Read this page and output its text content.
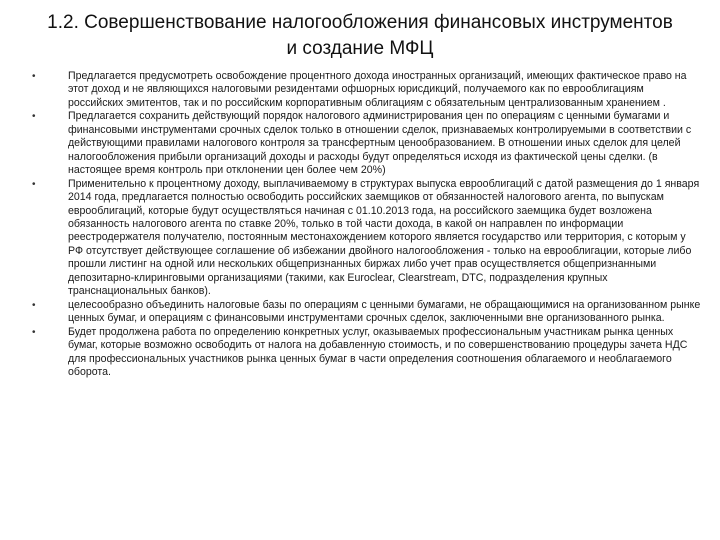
1.2. Совершенствование налогообложения финансовых инструментов и создание МФЦ
•	Предлагается предусмотреть освобождение процентного дохода иностранных организаций, имеющих фактическое право на этот доход и не являющихся налоговыми резидентами офшорных юрисдикций, получаемого как по еврооблигациям российских эмитентов, так и по российским корпоративным облигациям с обязательным централизованным хранением .
•	Предлагается сохранить действующий порядок налогового администрирования цен по операциям с ценными бумагами и финансовыми инструментами срочных сделок только в отношении сделок, признаваемых контролируемыми в соответствии с действующими правилами налогового контроля за трансфертным ценообразованием. В отношении иных сделок для целей налогообложения прибыли организаций доходы и расходы будут определяться исходя из фактической цены сделки. (в настоящее время контроль при отклонении цен более чем 20%)
•	Применительно к процентному доходу, выплачиваемому в структурах выпуска еврооблигаций с датой размещения до 1 января 2014 года, предлагается полностью освободить российских заемщиков от обязанностей налогового агента, по выпускам еврооблигаций, которые будут осуществляться начиная с 01.10.2013 года, на российского заемщика будет возложена обязанность налогового агента по ставке 20%, только в той части дохода, в какой он направлен по информации реестродержателя получателю, постоянным местонахождением которого является государство или территория, с которым у РФ отсутствует действующее соглашение об избежании двойного налогообложения - только на еврооблигации, которые либо прошли листинг на одной или нескольких общепризнанных биржах либо учет прав осуществляется общепризнанными депозитарно-клиринговыми организациями (такими, как Euroclear, Clearstream, DTC, подразделения крупных транснациональных банков).
•	целесообразно объединить налоговые базы по операциям с ценными бумагами, не обращающимися на организованном рынке ценных бумаг, и операциям с финансовыми инструментами срочных сделок, заключенными вне организованного рынка.
•	Будет продолжена работа по определению конкретных услуг, оказываемых профессиональным участникам рынка ценных бумаг, которые возможно освободить от налога на добавленную стоимость, и по совершенствованию процедуры зачета НДС для профессиональных участников рынка ценных бумаг в части определения соотношения облагаемого и необлагаемого оборота.
